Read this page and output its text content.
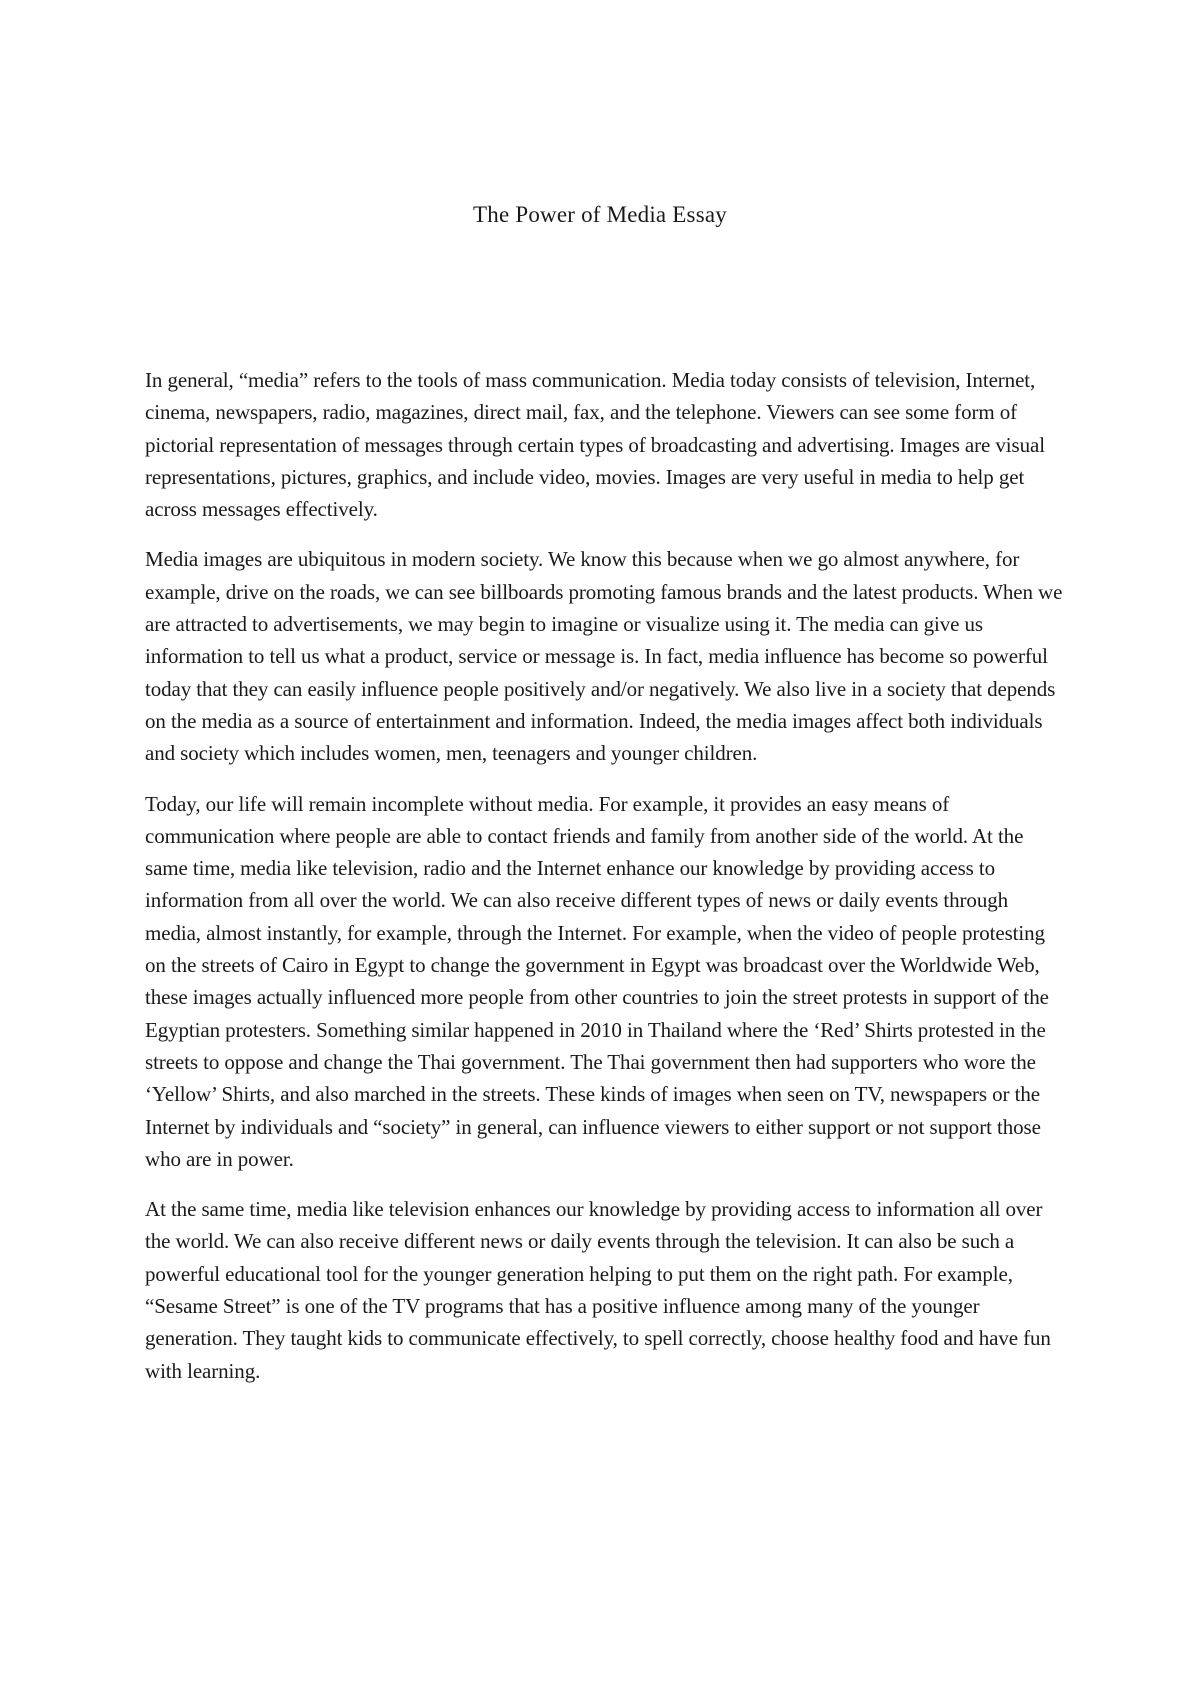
The Power of Media Essay

In general, “media” refers to the tools of mass communication. Media today consists of television, Internet, cinema, newspapers, radio, magazines, direct mail, fax, and the telephone. Viewers can see some form of pictorial representation of messages through certain types of broadcasting and advertising. Images are visual representations, pictures, graphics, and include video, movies. Images are very useful in media to help get across messages effectively.

Media images are ubiquitous in modern society. We know this because when we go almost anywhere, for example, drive on the roads, we can see billboards promoting famous brands and the latest products. When we are attracted to advertisements, we may begin to imagine or visualize using it. The media can give us information to tell us what a product, service or message is. In fact, media influence has become so powerful today that they can easily influence people positively and/or negatively. We also live in a society that depends on the media as a source of entertainment and information. Indeed, the media images affect both individuals and society which includes women, men, teenagers and younger children.

Today, our life will remain incomplete without media. For example, it provides an easy means of communication where people are able to contact friends and family from another side of the world. At the same time, media like television, radio and the Internet enhance our knowledge by providing access to information from all over the world. We can also receive different types of news or daily events through media, almost instantly, for example, through the Internet. For example, when the video of people protesting on the streets of Cairo in Egypt to change the government in Egypt was broadcast over the Worldwide Web, these images actually influenced more people from other countries to join the street protests in support of the Egyptian protesters. Something similar happened in 2010 in Thailand where the ‘Red’ Shirts protested in the streets to oppose and change the Thai government. The Thai government then had supporters who wore the ‘Yellow’ Shirts, and also marched in the streets. These kinds of images when seen on TV, newspapers or the Internet by individuals and “society” in general, can influence viewers to either support or not support those who are in power.

At the same time, media like television enhances our knowledge by providing access to information all over the world. We can also receive different news or daily events through the television. It can also be such a powerful educational tool for the younger generation helping to put them on the right path. For example, “Sesame Street” is one of the TV programs that has a positive influence among many of the younger generation. They taught kids to communicate effectively, to spell correctly, choose healthy food and have fun with learning.
